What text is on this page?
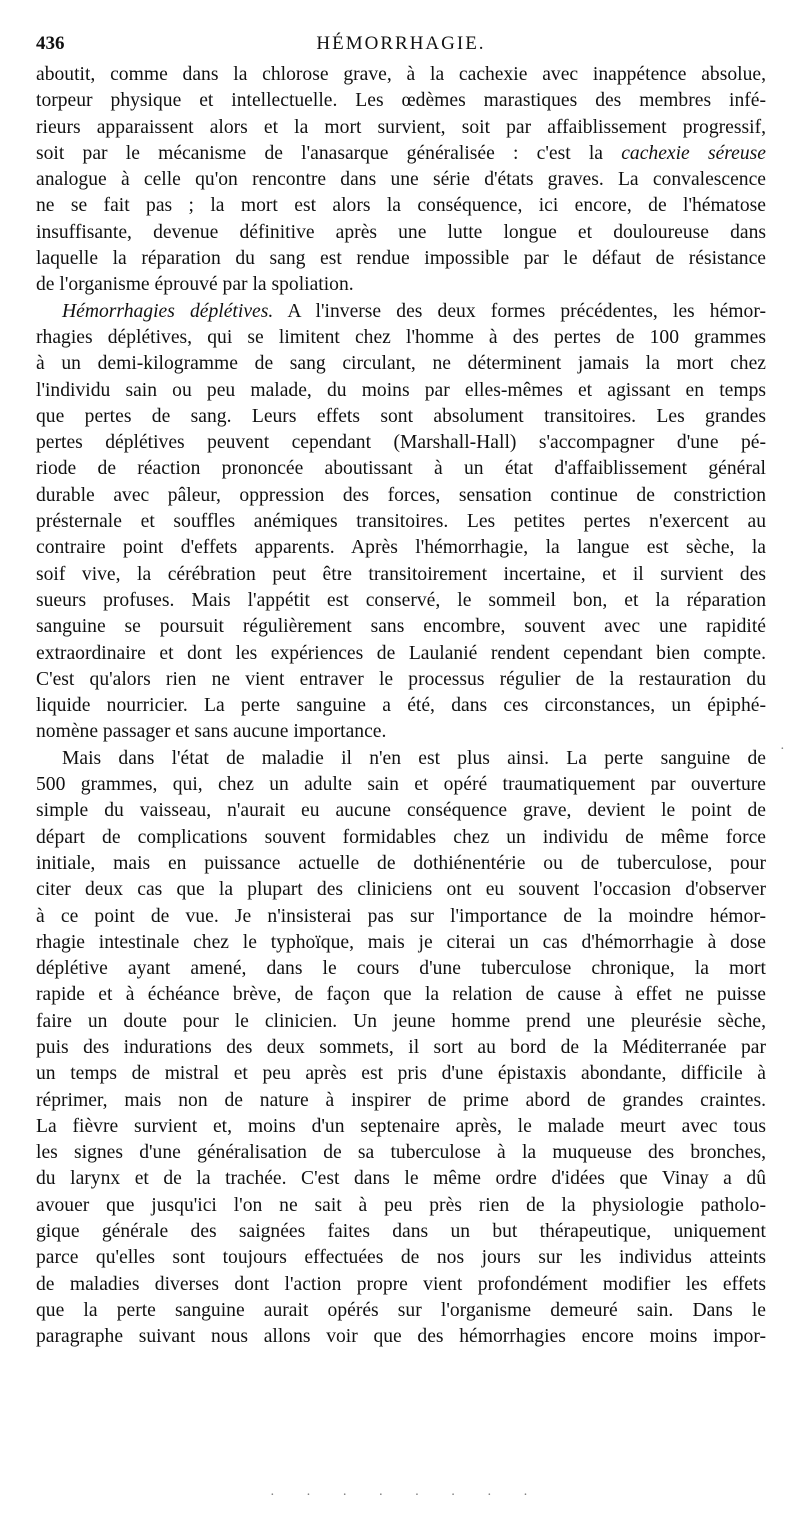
436	HÉMORRHAGIE.
aboutit, comme dans la chlorose grave, à la cachexie avec inappétence absolue,
torpeur physique et intellectuelle. Les œdèmes marastiques des membres infé-
rieurs apparaissent alors et la mort survient, soit par affaiblissement progressif,
soit par le mécanisme de l'anasarque généralisée : c'est la cachexie séreuse
analogue à celle qu'on rencontre dans une série d'états graves. La convalescence
ne se fait pas ; la mort est alors la conséquence, ici encore, de l'hématose
insuffisante, devenue définitive après une lutte longue et douloureuse dans
laquelle la réparation du sang est rendue impossible par le défaut de résistance
de l'organisme éprouvé par la spoliation.
Hémorrhagies déplétives. A l'inverse des deux formes précédentes, les hémor-
rhagies déplétives, qui se limitent chez l'homme à des pertes de 100 grammes
à un demi-kilogramme de sang circulant, ne déterminent jamais la mort chez
l'individu sain ou peu malade, du moins par elles-mêmes et agissant en temps
que pertes de sang. Leurs effets sont absolument transitoires. Les grandes
pertes déplétives peuvent cependant (Marshall-Hall) s'accompagner d'une pé-
riode de réaction prononcée aboutissant à un état d'affaiblissement général
durable avec pâleur, oppression des forces, sensation continue de constriction
présternale et souffles anémiques transitoires. Les petites pertes n'exercent au
contraire point d'effets apparents. Après l'hémorrhagie, la langue est sèche, la
soif vive, la cérébration peut être transitoirement incertaine, et il survient des
sueurs profuses. Mais l'appétit est conservé, le sommeil bon, et la réparation
sanguine se poursuit régulièrement sans encombre, souvent avec une rapidité
extraordinaire et dont les expériences de Laulanié rendent cependant bien compte.
C'est qu'alors rien ne vient entraver le processus régulier de la restauration du
liquide nourricier. La perte sanguine a été, dans ces circonstances, un épiphé-
nomène passager et sans aucune importance.
Mais dans l'état de maladie il n'en est plus ainsi. La perte sanguine de
500 grammes, qui, chez un adulte sain et opéré traumatiquement par ouverture
simple du vaisseau, n'aurait eu aucune conséquence grave, devient le point de
départ de complications souvent formidables chez un individu de même force
initiale, mais en puissance actuelle de dothiénentérie ou de tuberculose, pour
citer deux cas que la plupart des cliniciens ont eu souvent l'occasion d'observer
à ce point de vue. Je n'insisterai pas sur l'importance de la moindre hémor-
rhagie intestinale chez le typhoïque, mais je citerai un cas d'hémorrhagie à dose
déplétive ayant amené, dans le cours d'une tuberculose chronique, la mort
rapide et à échéance brève, de façon que la relation de cause à effet ne puisse
faire un doute pour le clinicien. Un jeune homme prend une pleurésie sèche,
puis des indurations des deux sommets, il sort au bord de la Méditerranée par
un temps de mistral et peu après est pris d'une épistaxis abondante, difficile à
réprimer, mais non de nature à inspirer de prime abord de grandes craintes.
La fièvre survient et, moins d'un septenaire après, le malade meurt avec tous
les signes d'une généralisation de sa tuberculose à la muqueuse des bronches,
du larynx et de la trachée. C'est dans le même ordre d'idées que Vinay a dû
avouer que jusqu'ici l'on ne sait à peu près rien de la physiologie patholo-
gique générale des saignées faites dans un but thérapeutique, uniquement
parce qu'elles sont toujours effectuées de nos jours sur les individus atteints
de maladies diverses dont l'action propre vient profondément modifier les effets
que la perte sanguine aurait opérés sur l'organisme demeuré sain. Dans le
paragraphe suivant nous allons voir que des hémorrhagies encore moins impor-
·
· · · · · · · ·
